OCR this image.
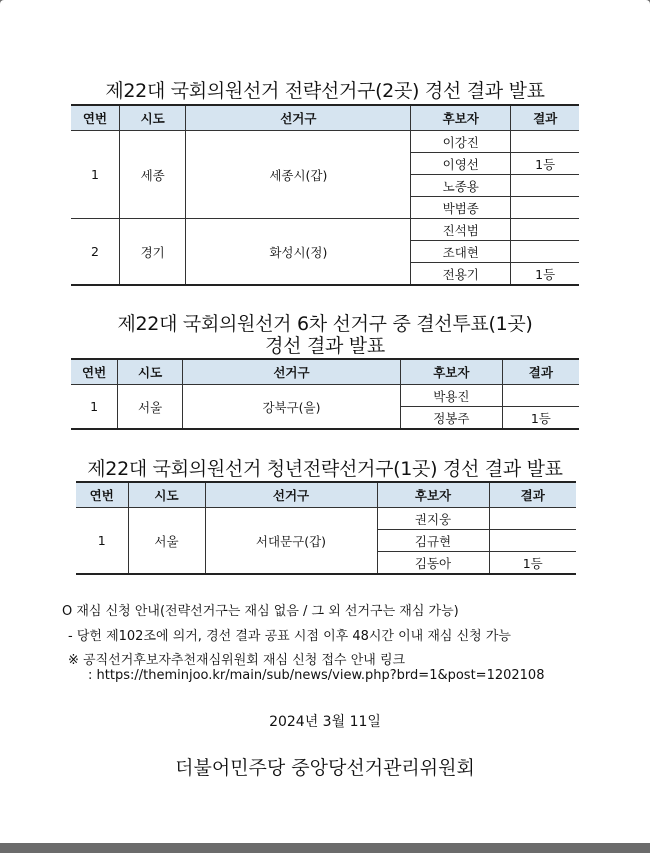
제22대 국회의원선거 전략선거구(2곳) 경선 결과 발표
연번	시도	선거구	후보자	결과
1	세종	세종시(갑)	이강진	
			이영선	1등
			노종용	
			박범종	
2	경기	화성시(정)	진석범	
			조대현	
			전용기	1등
제22대 국회의원선거 6차 선거구 중 결선투표(1곳)
경선 결과 발표
연번	시도	선거구	후보자	결과
1	서울	강북구(을)	박용진	
			정봉주	1등
제22대 국회의원선거 청년전략선거구(1곳) 경선 결과 발표
연번	시도	선거구	후보자	결과
1	서울	서대문구(갑)	권지웅	
			김규현	
			김동아	1등
O 재심 신청 안내(전략선거구는 재심 없음 / 그 외 선거구는 재심 가능)
- 당헌 제102조에 의거, 경선 결과 공표 시점 이후 48시간 이내 재심 신청 가능
※ 공직선거후보자추천재심위원회 재심 신청 접수 안내 링크
: https://theminjoo.kr/main/sub/news/view.php?brd=1&post=1202108
2024년 3월 11일
더불어민주당 중앙당선거관리위원회
